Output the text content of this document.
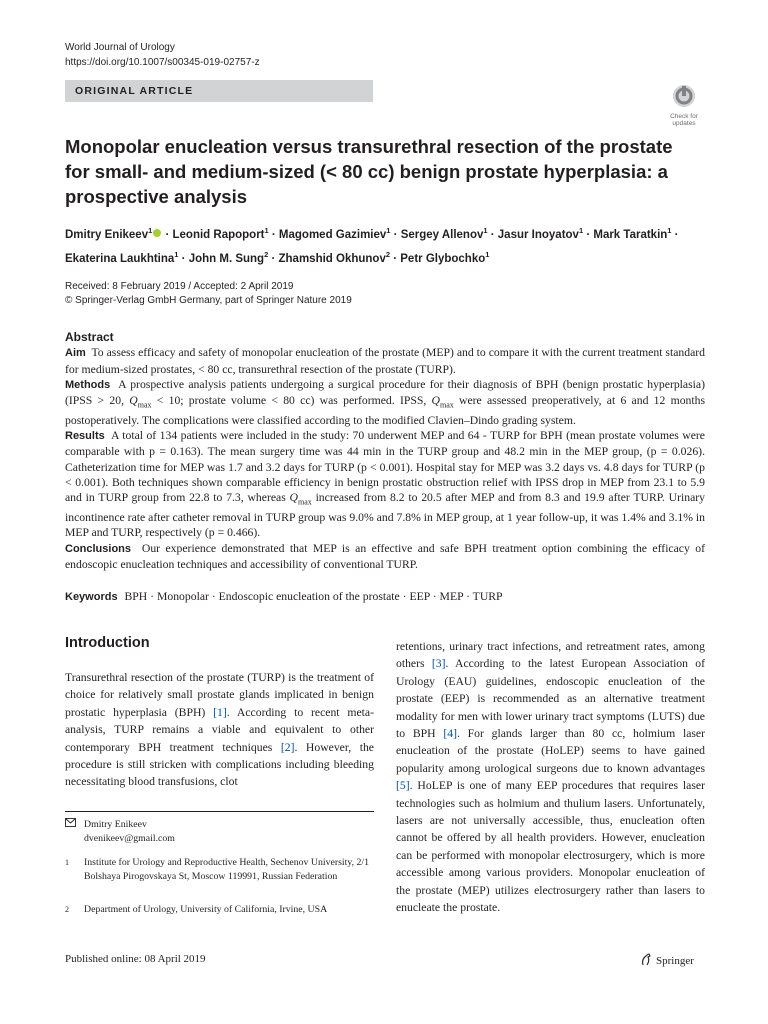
World Journal of Urology
https://doi.org/10.1007/s00345-019-02757-z
ORIGINAL ARTICLE
Check for
updates
Monopolar enucleation versus transurethral resection of the prostate for small- and medium-sized (< 80 cc) benign prostate hyperplasia: a prospective analysis
Dmitry Enikeev$^1$ · Leonid Rapoport$^1$ · Magomed Gazimiev$^1$ · Sergey Allenov$^1$ · Jasur Inoyatov$^1$ · Mark Taratkin$^1$ ·
Ekaterina Laukhtina$^1$ · John M. Sung$^2$ · Zhamshid Okhunov$^2$ · Petr Glybochko$^1$
Received: 8 February 2019 / Accepted: 2 April 2019
© Springer-Verlag GmbH Germany, part of Springer Nature 2019

Abstract

Aim To assess efficacy and safety of monopolar enucleation of the prostate (MEP) and to compare it with the current treatment standard for medium-sized prostates, < 80 cc, transurethral resection of the prostate (TURP).

Methods A prospective analysis patients undergoing a surgical procedure for their diagnosis of BPH (benign prostatic hyperplasia) (IPSS > 20, $Q_{max} < 10$; prostate volume < 80 cc) was performed. IPSS, $Q_{max}$ were assessed preoperatively, at 6 and 12 months postoperatively. The complications were classified according to the modified Clavien–Dindo grading system.

Results A total of 134 patients were included in the study: 70 underwent MEP and 64 - TURP for BPH (mean prostate volumes were comparable with p = 0.163). The mean surgery time was 44 min in the TURP group and 48.2 min in the MEP group, (p = 0.026). Catheterization time for MEP was 1.7 and 3.2 days for TURP (p < 0.001). Hospital stay for MEP was 3.2 days vs. 4.8 days for TURP (p < 0.001). Both techniques shown comparable efficiency in benign prostatic obstruction relief with IPSS drop in MEP from 23.1 to 5.9 and in TURP group from 22.8 to 7.3, whereas $Q_{max}$ increased from 8.2 to 20.5 after MEP and from 8.3 and 19.9 after TURP. Urinary incontinence rate after catheter removal in TURP group was 9.0% and 7.8% in MEP group, at 1 year follow-up, it was 1.4% and 3.1% in MEP and TURP, respectively (p = 0.466).

Conclusions Our experience demonstrated that MEP is an effective and safe BPH treatment option combining the efficacy of endoscopic enucleation techniques and accessibility of conventional TURP.

Keywords BPH · Monopolar · Endoscopic enucleation of the prostate · EEP · MEP · TURP
Introduction
Transurethral resection of the prostate (TURP) is the treatment of choice for relatively small prostate glands implicated in benign prostatic hyperplasia (BPH) [1]. According to recent meta-analysis, TURP remains a viable and equivalent to other contemporary BPH treatment techniques [2]. However, the procedure is still stricken with complications including bleeding necessitating blood transfusions, clot
retentions, urinary tract infections, and retreatment rates, among others [3]. According to the latest European Association of Urology (EAU) guidelines, endoscopic enucleation of the prostate (EEP) is recommended as an alternative treatment modality for men with lower urinary tract symptoms (LUTS) due to BPH [4]. For glands larger than 80 cc, holmium laser enucleation of the prostate (HoLEP) seems to have gained popularity among urological surgeons due to known advantages [5]. HoLEP is one of many EEP procedures that requires laser technologies such as holmium and thulium lasers. Unfortunately, lasers are not universally accessible, thus, enucleation often cannot be offered by all health providers. However, enucleation can be performed with monopolar electrosurgery, which is more accessible among various providers. Monopolar enucleation of the prostate (MEP) utilizes electrosurgery rather than lasers to enucleate the prostate.
Dmitry Enikeev
dvenikeev@gmail.com
1 Institute for Urology and Reproductive Health, Sechenov University, 2/1 Bolshaya Pirogovskaya St, Moscow 119991, Russian Federation
2 Department of Urology, University of California, Irvine, USA
Published online: 08 April 2019	Springer
